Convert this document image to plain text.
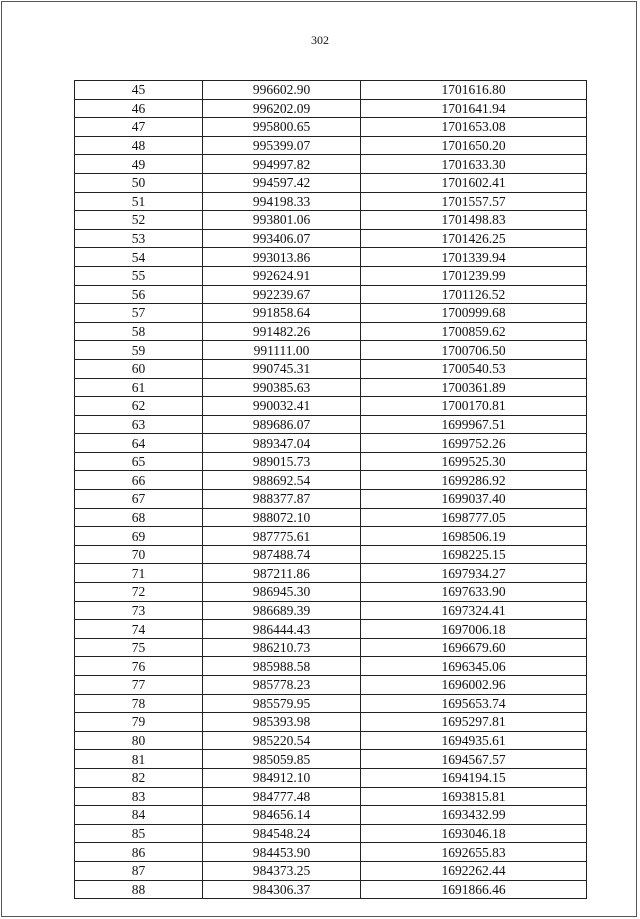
302
45	996602.90	1701616.80
46	996202.09	1701641.94
47	995800.65	1701653.08
48	995399.07	1701650.20
49	994997.82	1701633.30
50	994597.42	1701602.41
51	994198.33	1701557.57
52	993801.06	1701498.83
53	993406.07	1701426.25
54	993013.86	1701339.94
55	992624.91	1701239.99
56	992239.67	1701126.52
57	991858.64	1700999.68
58	991482.26	1700859.62
59	991111.00	1700706.50
60	990745.31	1700540.53
61	990385.63	1700361.89
62	990032.41	1700170.81
63	989686.07	1699967.51
64	989347.04	1699752.26
65	989015.73	1699525.30
66	988692.54	1699286.92
67	988377.87	1699037.40
68	988072.10	1698777.05
69	987775.61	1698506.19
70	987488.74	1698225.15
71	987211.86	1697934.27
72	986945.30	1697633.90
73	986689.39	1697324.41
74	986444.43	1697006.18
75	986210.73	1696679.60
76	985988.58	1696345.06
77	985778.23	1696002.96
78	985579.95	1695653.74
79	985393.98	1695297.81
80	985220.54	1694935.61
81	985059.85	1694567.57
82	984912.10	1694194.15
83	984777.48	1693815.81
84	984656.14	1693432.99
85	984548.24	1693046.18
86	984453.90	1692655.83
87	984373.25	1692262.44
88	984306.37	1691866.46
